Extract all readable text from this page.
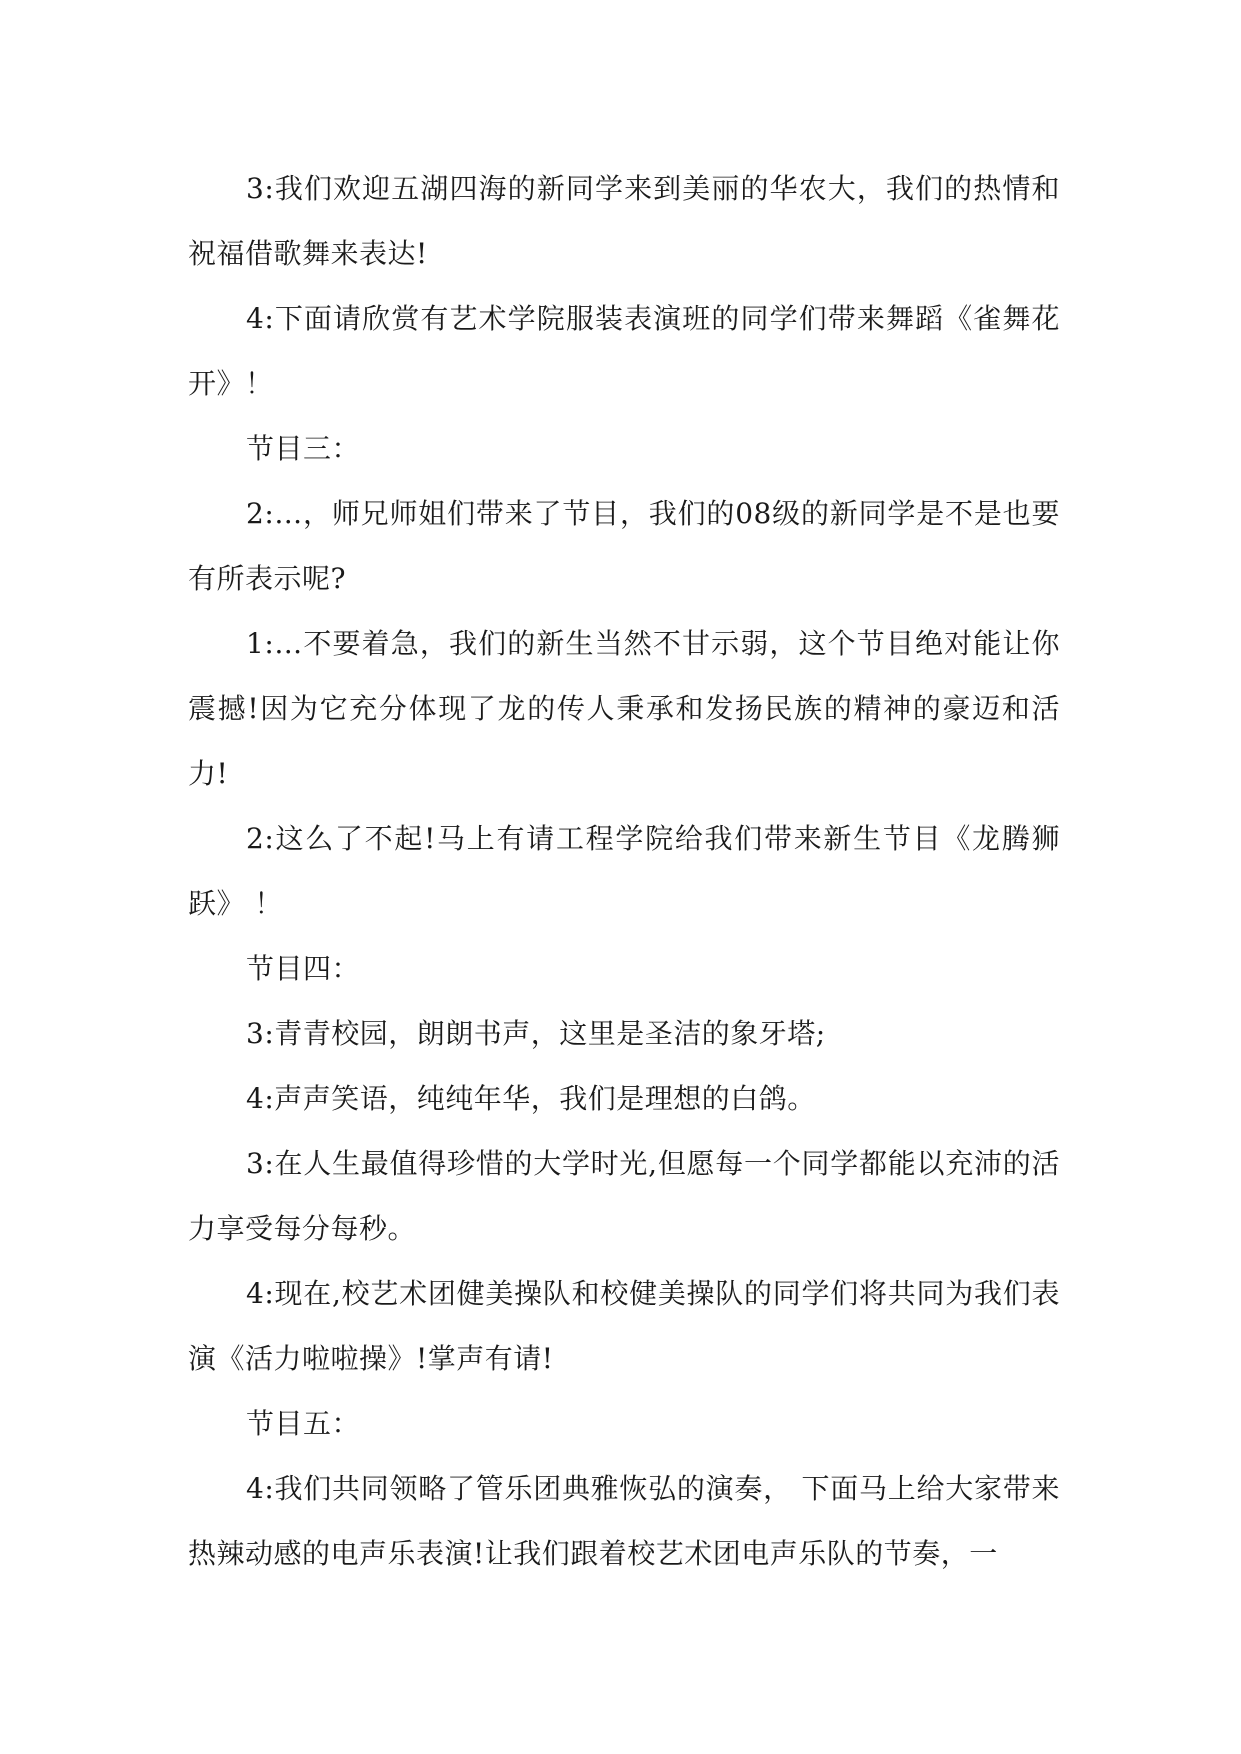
3:我们欢迎五湖四海的新同学来到美丽的华农大，我们的热情和祝福借歌舞来表达!

4:下面请欣赏有艺术学院服装表演班的同学们带来舞蹈《雀舞花开》！

节目三：

2:…，师兄师姐们带来了节目，我们的08级的新同学是不是也要有所表示呢?

1:…不要着急，我们的新生当然不甘示弱，这个节目绝对能让你震撼!因为它充分体现了龙的传人秉承和发扬民族的精神的豪迈和活力!

2:这么了不起!马上有请工程学院给我们带来新生节目《龙腾狮跃》 ！

节目四：

3:青青校园，朗朗书声，这里是圣洁的象牙塔;

4:声声笑语，纯纯年华，我们是理想的白鸽。

3:在人生最值得珍惜的大学时光,但愿每一个同学都能以充沛的活力享受每分每秒。

4:现在,校艺术团健美操队和校健美操队的同学们将共同为我们表演《活力啦啦操》!掌声有请!

节目五：

4:我们共同领略了管乐团典雅恢弘的演奏， 下面马上给大家带来热辣动感的电声乐表演!让我们跟着校艺术团电声乐队的节奏，一
